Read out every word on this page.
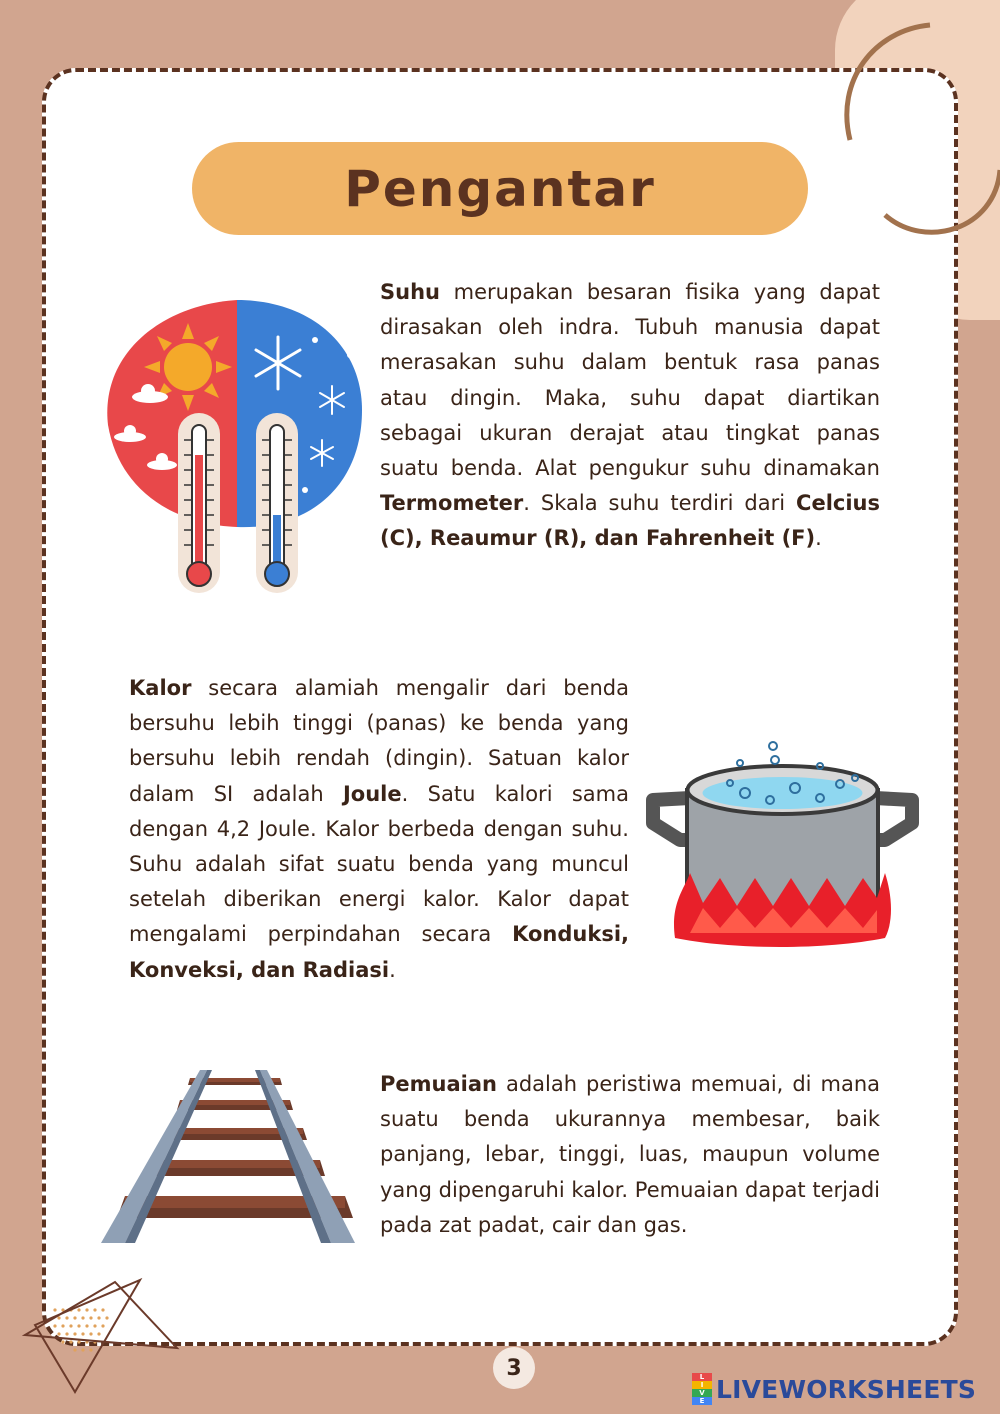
Pengantar

Suhu merupakan besaran fisika yang dapat dirasakan oleh indra. Tubuh manusia dapat merasakan suhu dalam bentuk rasa panas atau dingin. Maka, suhu dapat diartikan sebagai ukuran derajat atau tingkat panas suatu benda. Alat pengukur suhu dinamakan Termometer. Skala suhu terdiri dari Celcius (C), Reaumur (R), dan Fahrenheit (F).

Kalor secara alamiah mengalir dari benda bersuhu lebih tinggi (panas) ke benda yang bersuhu lebih rendah (dingin). Satuan kalor dalam SI adalah Joule. Satu kalori sama dengan 4,2 Joule. Kalor berbeda dengan suhu. Suhu adalah sifat suatu benda yang muncul setelah diberikan energi kalor. Kalor dapat mengalami perpindahan secara Konduksi, Konveksi, dan Radiasi.

Pemuaian adalah peristiwa memuai, di mana suatu benda ukurannya membesar, baik panjang, lebar, tinggi, luas, maupun volume yang dipengaruhi kalor. Pemuaian dapat terjadi pada zat padat, cair dan gas.

3	L
I
V
E LIVEWORKSHEETS
